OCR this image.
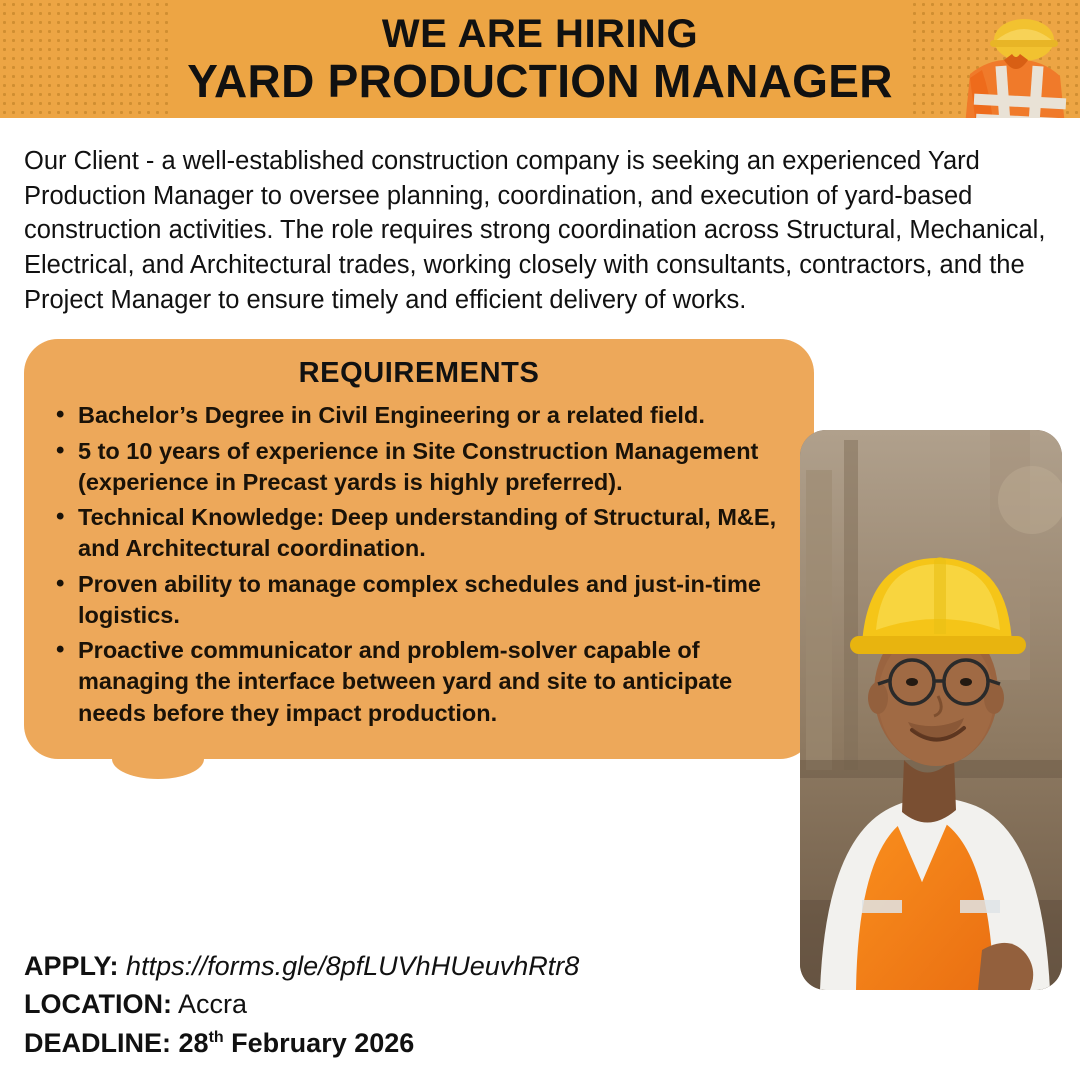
WE ARE HIRING
YARD PRODUCTION MANAGER

Our Client - a well-established construction company is seeking an experienced Yard Production Manager to oversee planning, coordination, and execution of yard-based construction activities. The role requires strong coordination across Structural, Mechanical, Electrical, and Architectural trades, working closely with consultants, contractors, and the Project Manager to ensure timely and efficient delivery of works.

REQUIREMENTS
• Bachelor’s Degree in Civil Engineering or a related field.
• 5 to 10 years of experience in Site Construction Management (experience in Precast yards is highly preferred).
• Technical Knowledge: Deep understanding of Structural, M&E, and Architectural coordination.
• Proven ability to manage complex schedules and just-in-time logistics.
• Proactive communicator and problem-solver capable of managing the interface between yard and site to anticipate needs before they impact production.
APPLY: https://forms.gle/8pfLUVhHUeuvhRtr8
LOCATION: Accra
DEADLINE: 28th February 2026
